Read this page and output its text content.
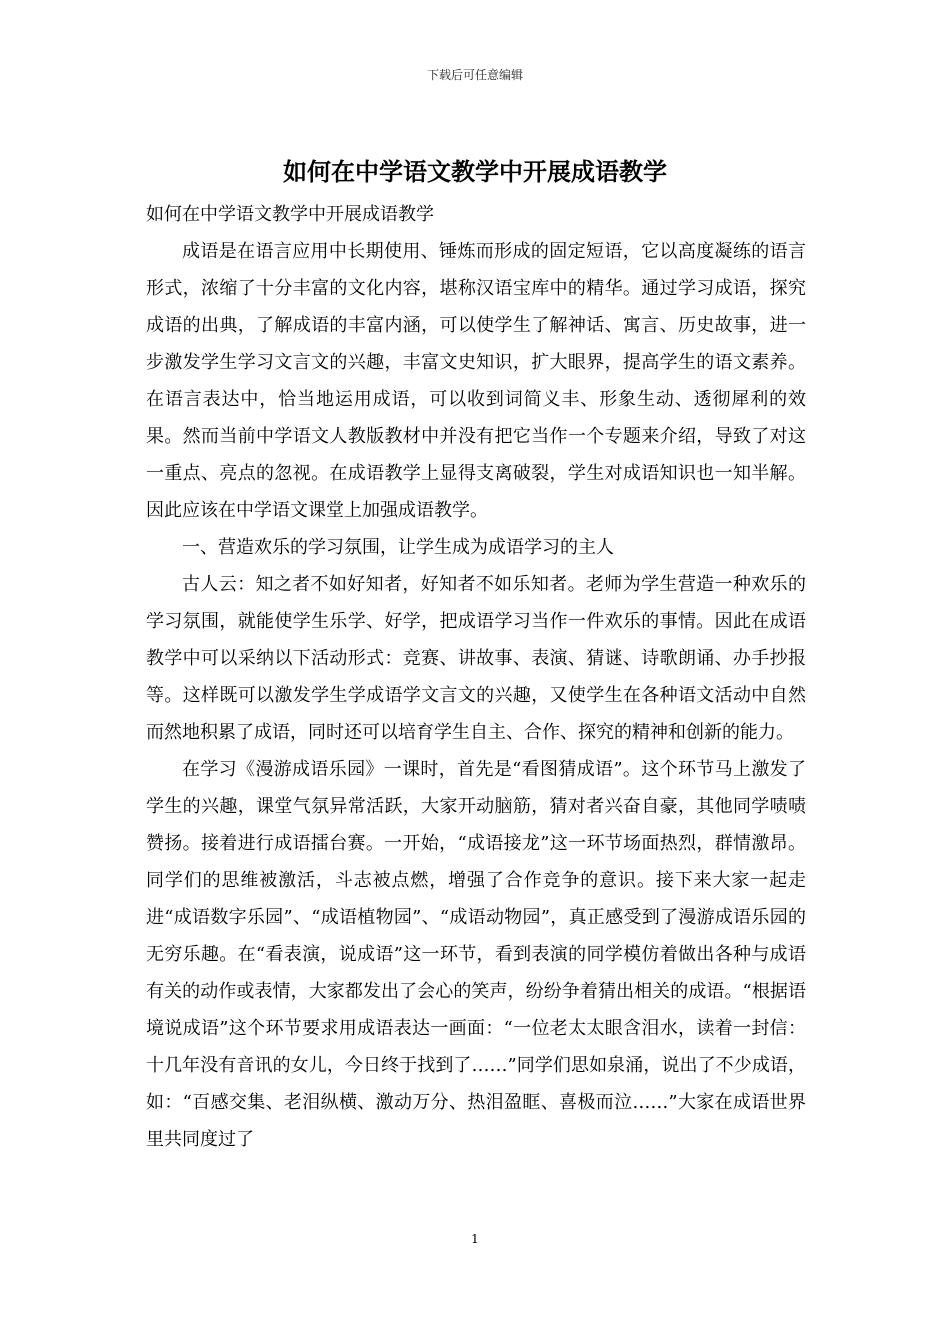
下载后可任意编辑
如何在中学语文教学中开展成语教学

如何在中学语文教学中开展成语教学

成语是在语言应用中长期使用、锤炼而形成的固定短语，它以高度凝练的语言形式，浓缩了十分丰富的文化内容，堪称汉语宝库中的精华。通过学习成语，探究成语的出典，了解成语的丰富内涵，可以使学生了解神话、寓言、历史故事，进一步激发学生学习文言文的兴趣，丰富文史知识，扩大眼界，提高学生的语文素养。在语言表达中，恰当地运用成语，可以收到词简义丰、形象生动、透彻犀利的效果。然而当前中学语文人教版教材中并没有把它当作一个专题来介绍，导致了对这一重点、亮点的忽视。在成语教学上显得支离破裂，学生对成语知识也一知半解。因此应该在中学语文课堂上加强成语教学。

一、营造欢乐的学习氛围，让学生成为成语学习的主人

古人云：知之者不如好知者，好知者不如乐知者。老师为学生营造一种欢乐的学习氛围，就能使学生乐学、好学，把成语学习当作一件欢乐的事情。因此在成语教学中可以采纳以下活动形式：竞赛、讲故事、表演、猜谜、诗歌朗诵、办手抄报等。这样既可以激发学生学成语学文言文的兴趣，又使学生在各种语文活动中自然而然地积累了成语，同时还可以培育学生自主、合作、探究的精神和创新的能力。

在学习《漫游成语乐园》一课时，首先是“看图猜成语”。这个环节马上激发了学生的兴趣，课堂气氛异常活跃，大家开动脑筋，猜对者兴奋自豪，其他同学啧啧赞扬。接着进行成语擂台赛。一开始，“成语接龙”这一环节场面热烈，群情激昂。同学们的思维被激活，斗志被点燃，增强了合作竞争的意识。接下来大家一起走进“成语数字乐园”、“成语植物园”、“成语动物园”，真正感受到了漫游成语乐园的无穷乐趣。在“看表演，说成语”这一环节，看到表演的同学模仿着做出各种与成语有关的动作或表情，大家都发出了会心的笑声，纷纷争着猜出相关的成语。“根据语境说成语”这个环节要求用成语表达一画面：“一位老太太眼含泪水，读着一封信：十几年没有音讯的女儿，今日终于找到了……”同学们思如泉涌，说出了不少成语，如：“百感交集、老泪纵横、激动万分、热泪盈眶、喜极而泣……”大家在成语世界里共同度过了

1
